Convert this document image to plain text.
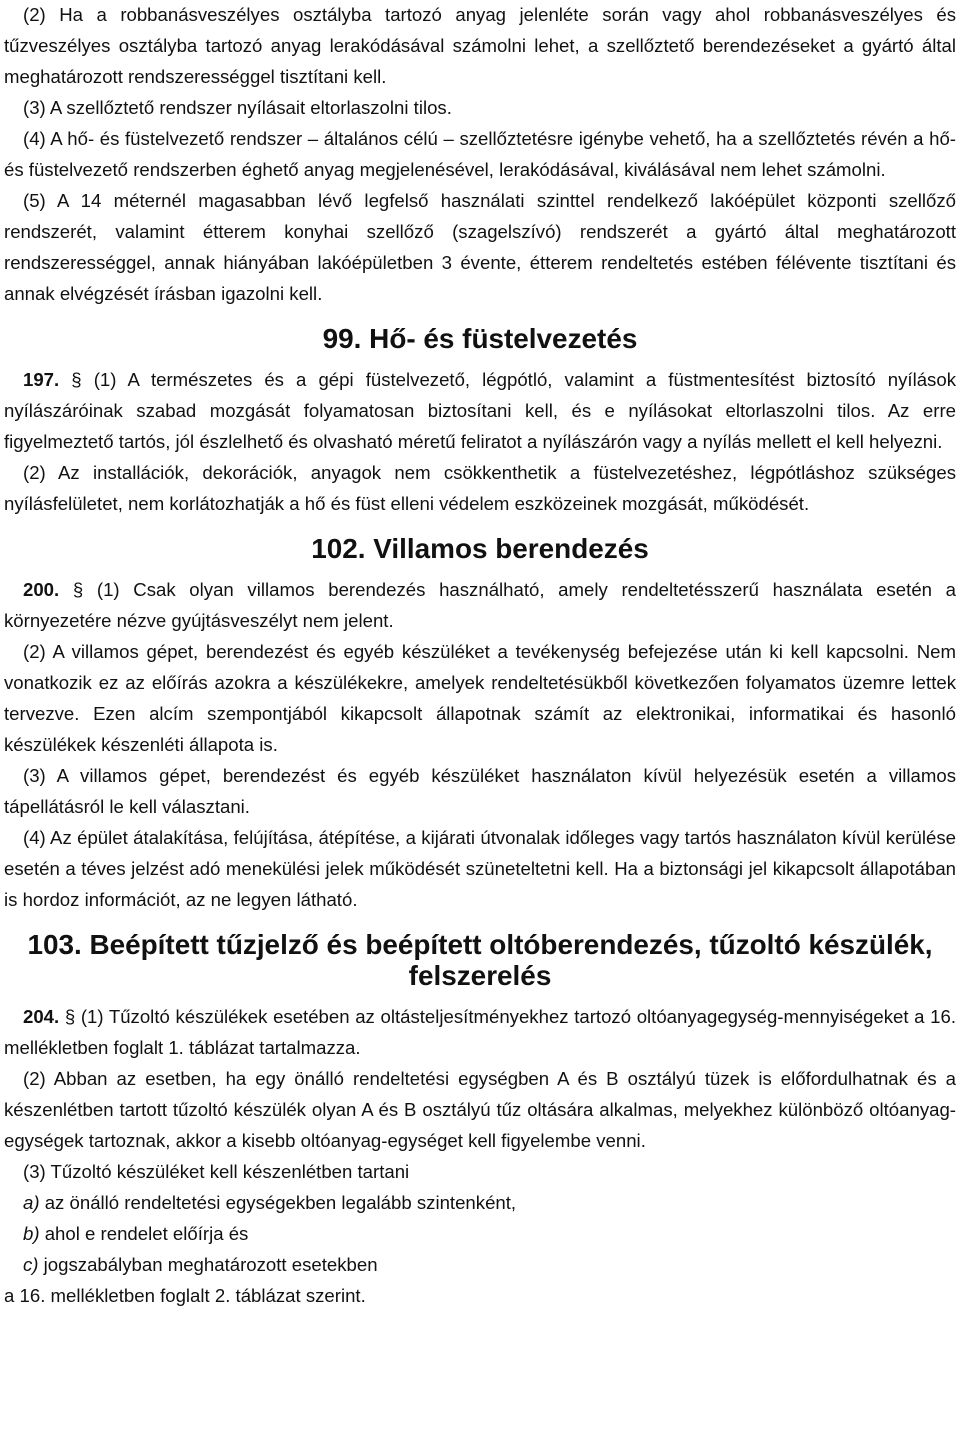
(2) Ha a robbanásveszélyes osztályba tartozó anyag jelenléte során vagy ahol robbanásveszélyes és tűzveszélyes osztályba tartozó anyag lerakódásával számolni lehet, a szellőztető berendezéseket a gyártó által meghatározott rendszerességgel tisztítani kell.

(3) A szellőztető rendszer nyílásait eltorlaszolni tilos.

(4) A hő- és füstelvezető rendszer – általános célú – szellőztetésre igénybe vehető, ha a szellőztetés révén a hő- és füstelvezető rendszerben éghető anyag megjelenésével, lerakódásával, kiválásával nem lehet számolni.

(5) A 14 méternél magasabban lévő legfelső használati szinttel rendelkező lakóépület központi szellőző rendszerét, valamint étterem konyhai szellőző (szagelszívó) rendszerét a gyártó által meghatározott rendszerességgel, annak hiányában lakóépületben 3 évente, étterem rendeltetés estében félévente tisztítani és annak elvégzését írásban igazolni kell.

99. Hő- és füstelvezetés

197. § (1) A természetes és a gépi füstelvezető, légpótló, valamint a füstmentesítést biztosító nyílások nyílászáróinak szabad mozgását folyamatosan biztosítani kell, és e nyílásokat eltorlaszolni tilos. Az erre figyelmeztető tartós, jól észlelhető és olvasható méretű feliratot a nyílászárón vagy a nyílás mellett el kell helyezni.

(2) Az installációk, dekorációk, anyagok nem csökkenthetik a füstelvezetéshez, légpótláshoz szükséges nyílásfelületet, nem korlátozhatják a hő és füst elleni védelem eszközeinek mozgását, működését.

102. Villamos berendezés

200. § (1) Csak olyan villamos berendezés használható, amely rendeltetésszerű használata esetén a környezetére nézve gyújtásveszélyt nem jelent.

(2) A villamos gépet, berendezést és egyéb készüléket a tevékenység befejezése után ki kell kapcsolni. Nem vonatkozik ez az előírás azokra a készülékekre, amelyek rendeltetésükből következően folyamatos üzemre lettek tervezve. Ezen alcím szempontjából kikapcsolt állapotnak számít az elektronikai, informatikai és hasonló készülékek készenléti állapota is.

(3) A villamos gépet, berendezést és egyéb készüléket használaton kívül helyezésük esetén a villamos tápellátásról le kell választani.

(4) Az épület átalakítása, felújítása, átépítése, a kijárati útvonalak időleges vagy tartós használaton kívül kerülése esetén a téves jelzést adó menekülési jelek működését szüneteltetni kell. Ha a biztonsági jel kikapcsolt állapotában is hordoz információt, az ne legyen látható.

103. Beépített tűzjelző és beépített oltóberendezés, tűzoltó készülék, felszerelés

204. § (1) Tűzoltó készülékek esetében az oltásteljesítményekhez tartozó oltóanyagegység-mennyiségeket a 16. mellékletben foglalt 1. táblázat tartalmazza.

(2) Abban az esetben, ha egy önálló rendeltetési egységben A és B osztályú tüzek is előfordulhatnak és a készenlétben tartott tűzoltó készülék olyan A és B osztályú tűz oltására alkalmas, melyekhez különböző oltóanyag-egységek tartoznak, akkor a kisebb oltóanyag-egységet kell figyelembe venni.

(3) Tűzoltó készüléket kell készenlétben tartani

a) az önálló rendeltetési egységekben legalább szintenként,

b) ahol e rendelet előírja és

c) jogszabályban meghatározott esetekben

a 16. mellékletben foglalt 2. táblázat szerint.
